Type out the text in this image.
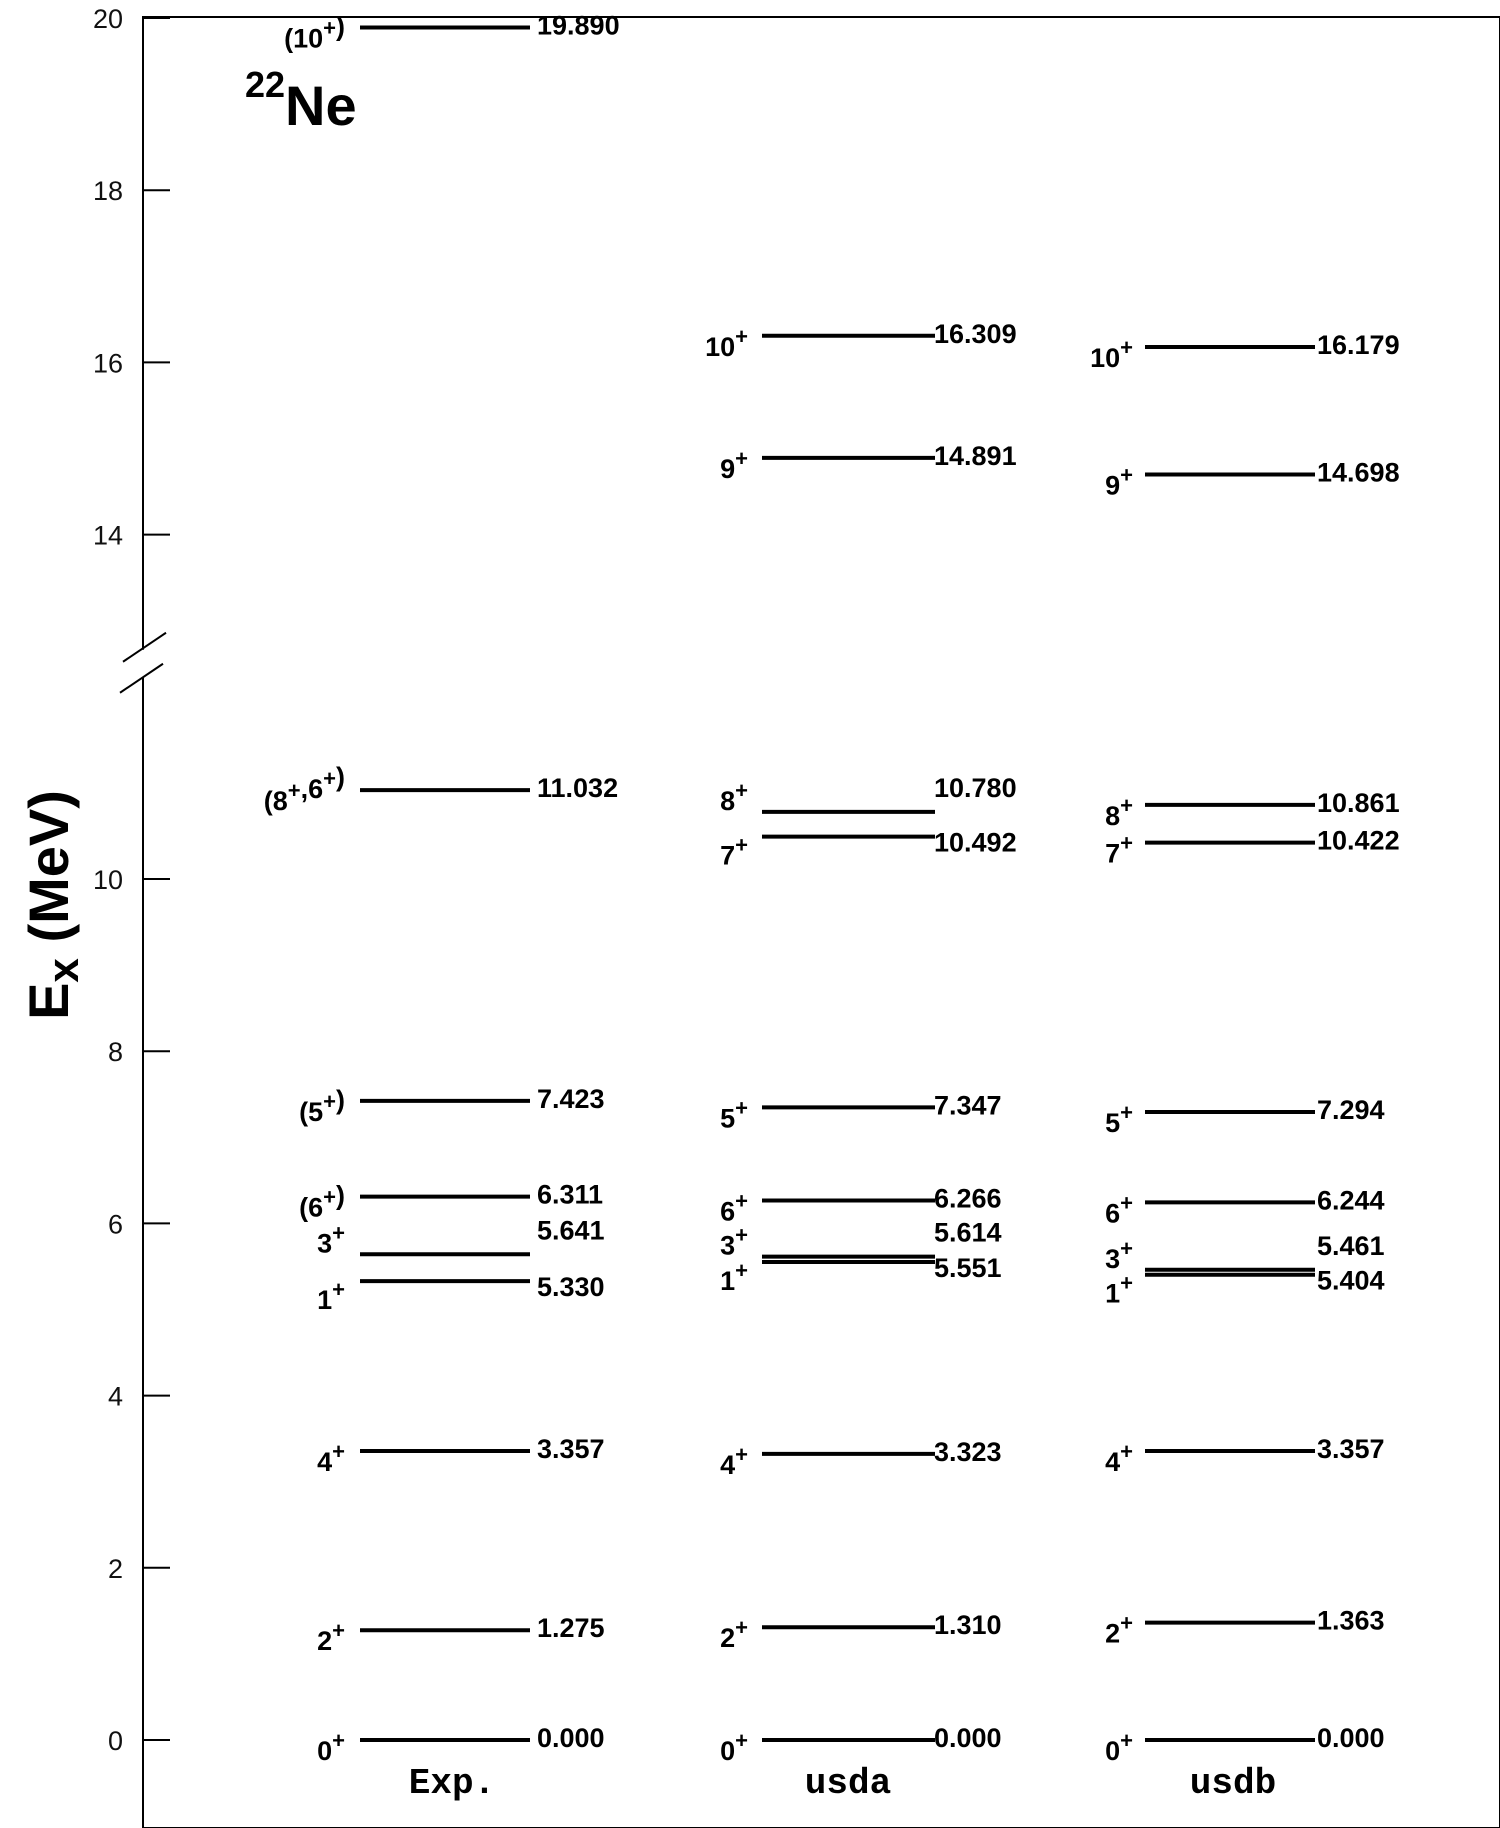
0
2
4
6
8
10
14
16
18
20
0+	0.000
2+	1.275
4+	3.357
1+	5.330
3+	5.641
(6+)	6.311
(5+)	7.423
(8+,6+)	11.032
(10+)	19.890
Exp.
0+	0.000
2+	1.310
4+	3.323
1+	5.551
3+	5.614
6+	6.266
5+	7.347
7+	10.492
8+	10.780
9+	14.891
10+	16.309
usda
0+	0.000
2+	1.363
4+	3.357
1+	5.404
3+	5.461
6+	6.244
5+	7.294
7+	10.422
8+	10.861
9+	14.698
10+	16.179
usdb
22Ne
Ex (MeV)
